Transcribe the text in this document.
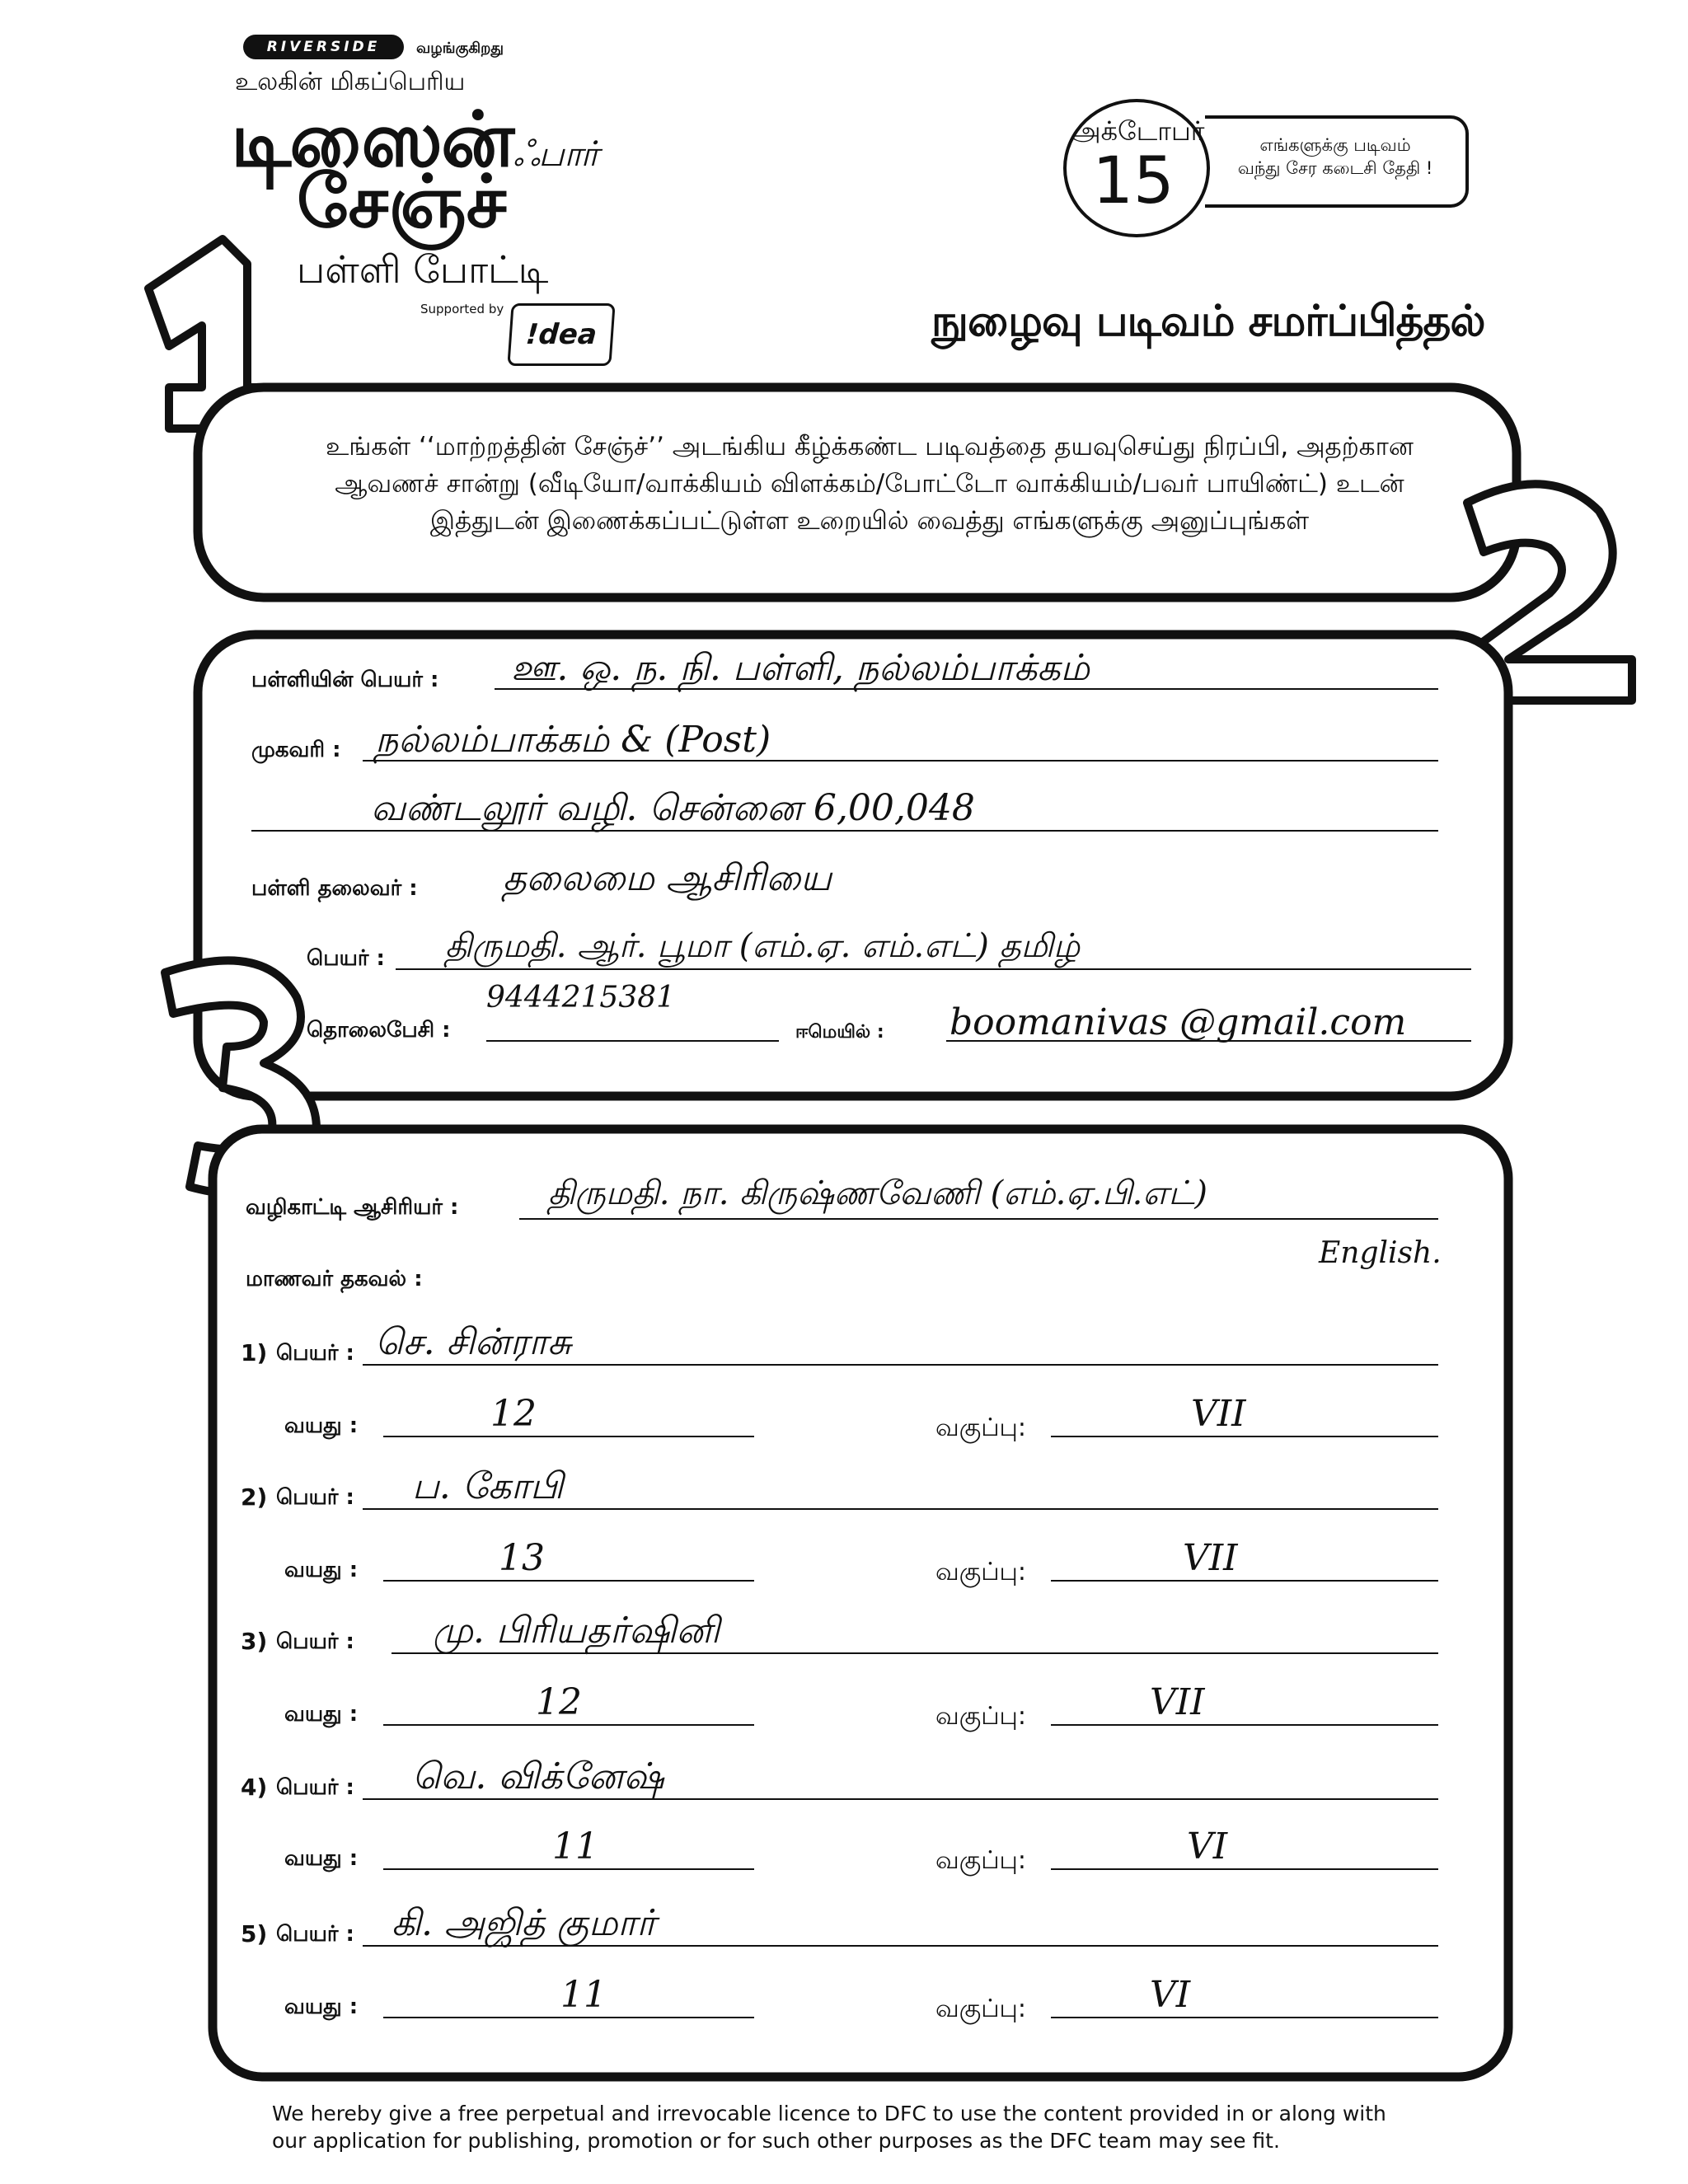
RIVERSIDE	வழங்குகிறது
உலகின் மிகப்பெரிய
டிஸைன்ஃபார்
சேஞ்ச்
பள்ளி போட்டி
Supported by
!dea
அக்டோபர்
15	எங்களுக்கு படிவம்
வந்து சேர கடைசி தேதி !
நுழைவு படிவம் சமர்ப்பித்தல்
உங்கள் ‘‘மாற்றத்தின் சேஞ்ச்’’ அடங்கிய கீழ்க்கண்ட படிவத்தை தயவுசெய்து நிரப்பி, அதற்கான ஆவணச் சான்று (வீடியோ/வாக்கியம் விளக்கம்/போட்டோ வாக்கியம்/பவர் பாயிண்ட்) உடன் இத்துடன் இணைக்கப்பட்டுள்ள உறையில் வைத்து எங்களுக்கு அனுப்புங்கள்
பள்ளியின் பெயர் : ஊ. ஒ. ந. நி. பள்ளி, நல்லம்பாக்கம்
முகவரி : நல்லம்பாக்கம் & (Post)
வண்டலூர் வழி. சென்னை 6,00,048
பள்ளி தலைவர் : தலைமை ஆசிரியை
பெயர் : திருமதி. ஆர். பூமா (எம்.ஏ. எம்.எட்) தமிழ்
9444215381
தொலைபேசி :	ஈமெயில் : boomanivas @gmail.com
வழிகாட்டி ஆசிரியர் :	திருமதி. நா. கிருஷ்ணவேணி (எம்.ஏ.பி.எட்)
English.
மாணவர் தகவல் :
1) பெயர் : செ. சின்ராசு
வயது :	12	வகுப்பு:	VII
2) பெயர் : ப. கோபி
வயது :	13	வகுப்பு:	VII
3) பெயர் : மு. பிரியதர்ஷினி
வயது :	12	வகுப்பு:	VII
4) பெயர் : வெ. விக்னேஷ்
வயது :	11	வகுப்பு:	VI
5) பெயர் : கி. அஜித் குமார்
வயது :	11	வகுப்பு:	VI
We hereby give a free perpetual and irrevocable licence to DFC to use the content provided in or along with our application for publishing, promotion or for such other purposes as the DFC team may see fit.
